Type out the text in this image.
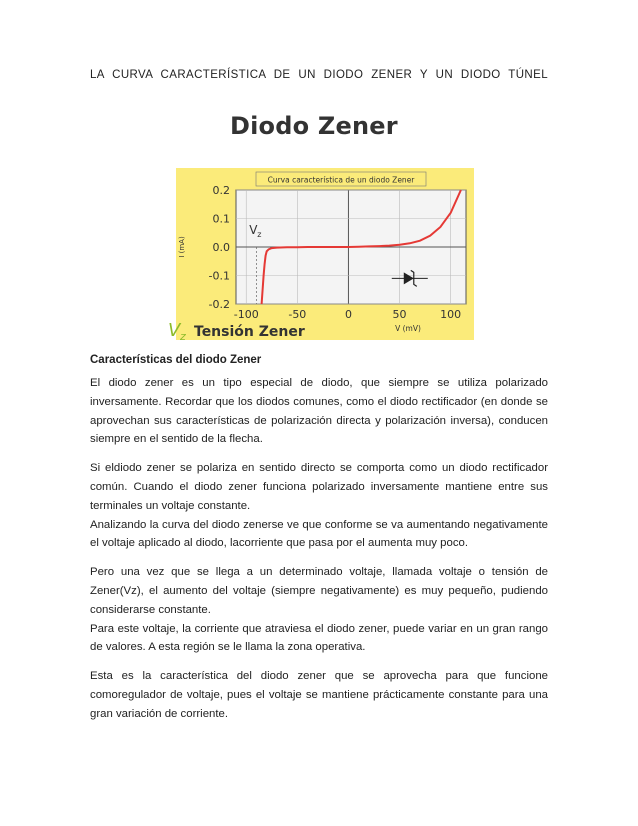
LA CURVA CARACTERÍSTICA DE UN DIODO ZENER Y UN DIODO TÚNEL
0.2
0.1
0.0
-0.1
-0.2
-100	-50	0	50	100
Curva característica de un diodo Zener
I (mA)
V (mV)
Tensión Zener
V z
V z
Diodo Zener
Características del diodo Zener

El diodo zener es un tipo especial de diodo, que siempre se utiliza polarizado inversamente. Recordar que los diodos comunes, como el diodo rectificador (en donde se aprovechan sus características de polarización directa y polarización inversa), conducen siempre en el sentido de la flecha.

Si eldiodo zener se polariza en sentido directo se comporta como un diodo rectificador común. Cuando el diodo zener funciona polarizado inversamente mantiene entre sus terminales un voltaje constante.

Analizando la curva del diodo zenerse ve que conforme se va aumentando negativamente el voltaje aplicado al diodo, lacorriente que pasa por el aumenta muy poco.

Pero una vez que se llega a un determinado voltaje, llamada voltaje o tensión de Zener(Vz), el aumento del voltaje (siempre negativamente) es muy pequeño, pudiendo considerarse constante.

Para este voltaje, la corriente que atraviesa el diodo zener, puede variar en un gran rango de valores. A esta región se le llama la zona operativa.

Esta es la característica del diodo zener que se aprovecha para que funcione comoregulador de voltaje, pues el voltaje se mantiene prácticamente constante para una gran variación de corriente.
